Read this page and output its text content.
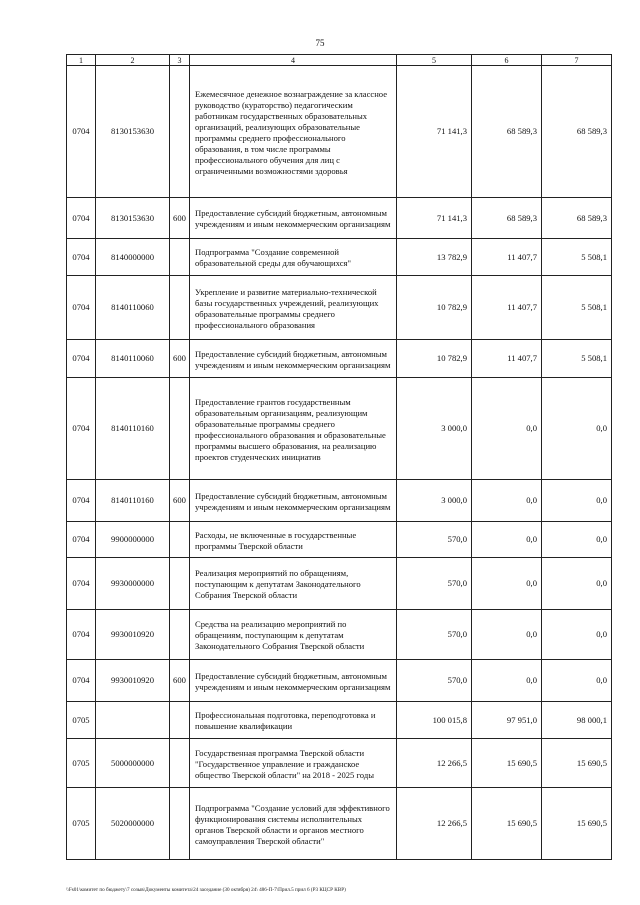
75
1	2	3	4	5	6	7
0704	8130153630		Ежемесячное денежное вознаграждение за классное руководство (кураторство) педагогическим работникам государственных образовательных организаций, реализующих образовательные программы среднего профессионального образования, в том числе программы профессионального обучения для лиц с ограниченными возможностями здоровья	71 141,3	68 589,3	68 589,3
0704	8130153630	600	Предоставление субсидий бюджетным, автономным учреждениям и иным некоммерческим организациям	71 141,3	68 589,3	68 589,3
0704	8140000000		Подпрограмма "Создание современной образовательной среды для обучающихся"	13 782,9	11 407,7	5 508,1
0704	8140110060		Укрепление и развитие материально-технической базы государственных учреждений, реализующих образовательные программы среднего профессионального образования	10 782,9	11 407,7	5 508,1
0704	8140110060	600	Предоставление субсидий бюджетным, автономным учреждениям и иным некоммерческим организациям	10 782,9	11 407,7	5 508,1
0704	8140110160		Предоставление грантов государственным образовательным организациям, реализующим образовательные программы среднего профессионального образования и образовательные программы высшего образования, на реализацию проектов студенческих инициатив	3 000,0	0,0	0,0
0704	8140110160	600	Предоставление субсидий бюджетным, автономным учреждениям и иным некоммерческим организациям	3 000,0	0,0	0,0
0704	9900000000		Расходы, не включенные в государственные программы Тверской области	570,0	0,0	0,0
0704	9930000000		Реализация мероприятий по обращениям, поступающим к депутатам Законодательного Собрания Тверской области	570,0	0,0	0,0
0704	9930010920		Средства на реализацию мероприятий по обращениям, поступающим к депутатам Законодательного Собрания Тверской области	570,0	0,0	0,0
0704	9930010920	600	Предоставление субсидий бюджетным, автономным учреждениям и иным некоммерческим организациям	570,0	0,0	0,0
0705			Профессиональная подготовка, переподготовка и повышение квалификации	100 015,8	97 951,0	98 000,1
0705	5000000000		Государственная программа Тверской области "Государственное управление и гражданское общество Тверской области" на 2018 - 2025 годы	12 266,5	15 690,5	15 690,5
0705	5020000000		Подпрограмма "Создание условий для эффективного функционирования системы исполнительных органов Тверской области и органов местного самоуправления Тверской области"	12 266,5	15 690,5	15 690,5
\\Fs01\комитет по бюджету\7 созыв\Документы комитета\24 заседание (30 октября) 24\ 486-П-7\Прил.5 прил 6 (Р3 КЦСР КВР)
